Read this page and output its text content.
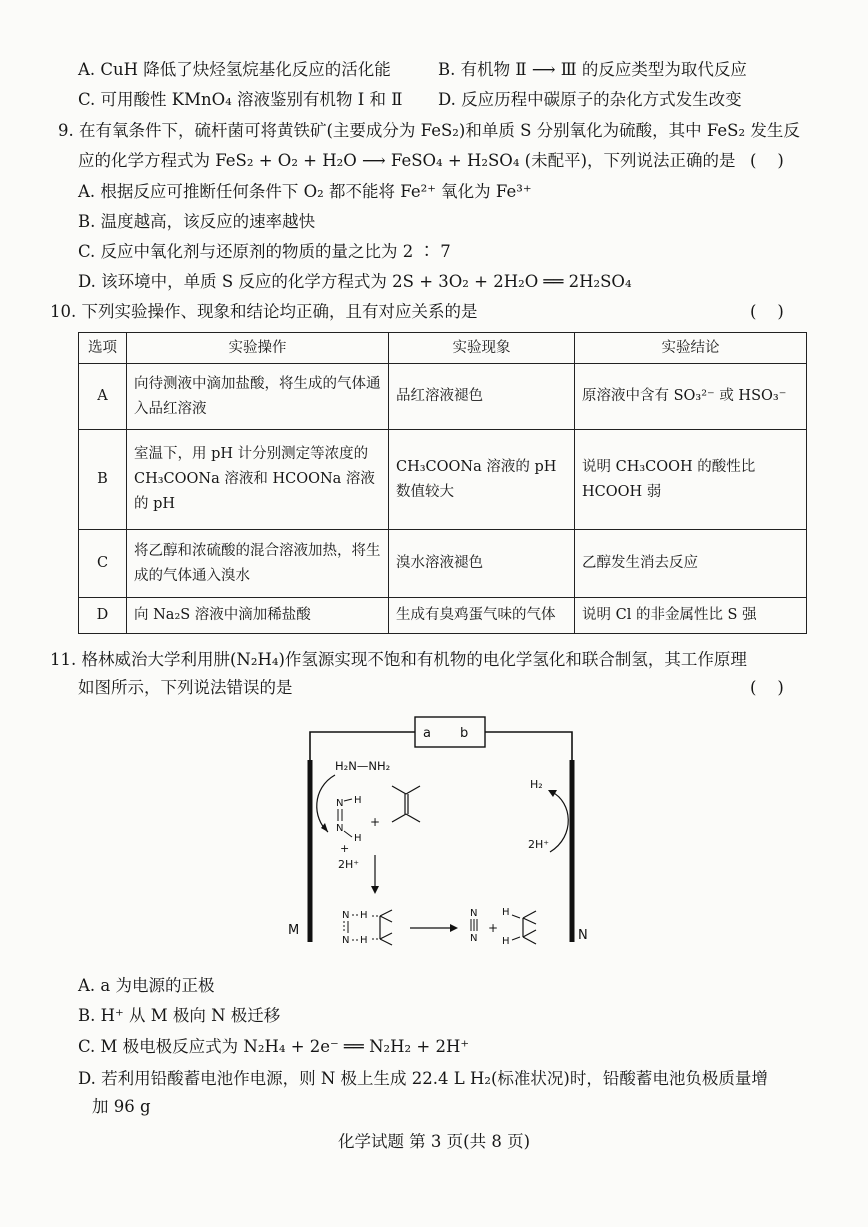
A. CuH 降低了炔烃氢烷基化反应的活化能	B. 有机物 Ⅱ ⟶ Ⅲ 的反应类型为取代反应
C. 可用酸性 KMnO₄ 溶液鉴别有机物 Ⅰ 和 Ⅱ D. 反应历程中碳原子的杂化方式发生改变
9. 在有氧条件下，硫杆菌可将黄铁矿(主要成分为 FeS₂)和单质 S 分别氧化为硫酸，其中 FeS₂ 发生反
应的化学方程式为 FeS₂ + O₂ + H₂O ⟶ FeSO₄ + H₂SO₄ (未配平)，下列说法正确的是 (    )
A. 根据反应可推断任何条件下 O₂ 都不能将 Fe²⁺ 氧化为 Fe³⁺
B. 温度越高，该反应的速率越快
C. 反应中氧化剂与还原剂的物质的量之比为 2 ∶ 7
D. 该环境中，单质 S 反应的化学方程式为 2S + 3O₂ + 2H₂O ══ 2H₂SO₄
10. 下列实验操作、现象和结论均正确，且有对应关系的是	(    )
选项	实验操作	实验现象	实验结论
A	向待测液中滴加盐酸，将生成的气体通入品红溶液	品红溶液褪色	原溶液中含有 SO₃²⁻ 或 HSO₃⁻
B	室温下，用 pH 计分别测定等浓度的 CH₃COONa 溶液和 HCOONa 溶液的 pH	CH₃COONa 溶液的 pH 数值较大	说明 CH₃COOH 的酸性比 HCOOH 弱
C	将乙醇和浓硫酸的混合溶液加热，将生成的气体通入溴水	溴水溶液褪色	乙醇发生消去反应
D	向 Na₂S 溶液中滴加稀盐酸	生成有臭鸡蛋气味的气体	说明 Cl 的非金属性比 S 强
11. 格林威治大学利用肼(N₂H₄)作氢源实现不饱和有机物的电化学氢化和联合制氢，其工作原理
如图所示，下列说法错误的是	(    )
a b
M	N
H₂N—NH₂
N H
N
H
+
+
2H⁺
N
N
H
H
N
N
+
H
H
H₂
2H⁺
A. a 为电源的正极
B. H⁺ 从 M 极向 N 极迁移
C. M 极电极反应式为 N₂H₄ + 2e⁻ ══ N₂H₂ + 2H⁺
D. 若利用铅酸蓄电池作电源，则 N 极上生成 22.4 L H₂(标准状况)时，铅酸蓄电池负极质量增
加 96 g
化学试题 第 3 页(共 8 页)
